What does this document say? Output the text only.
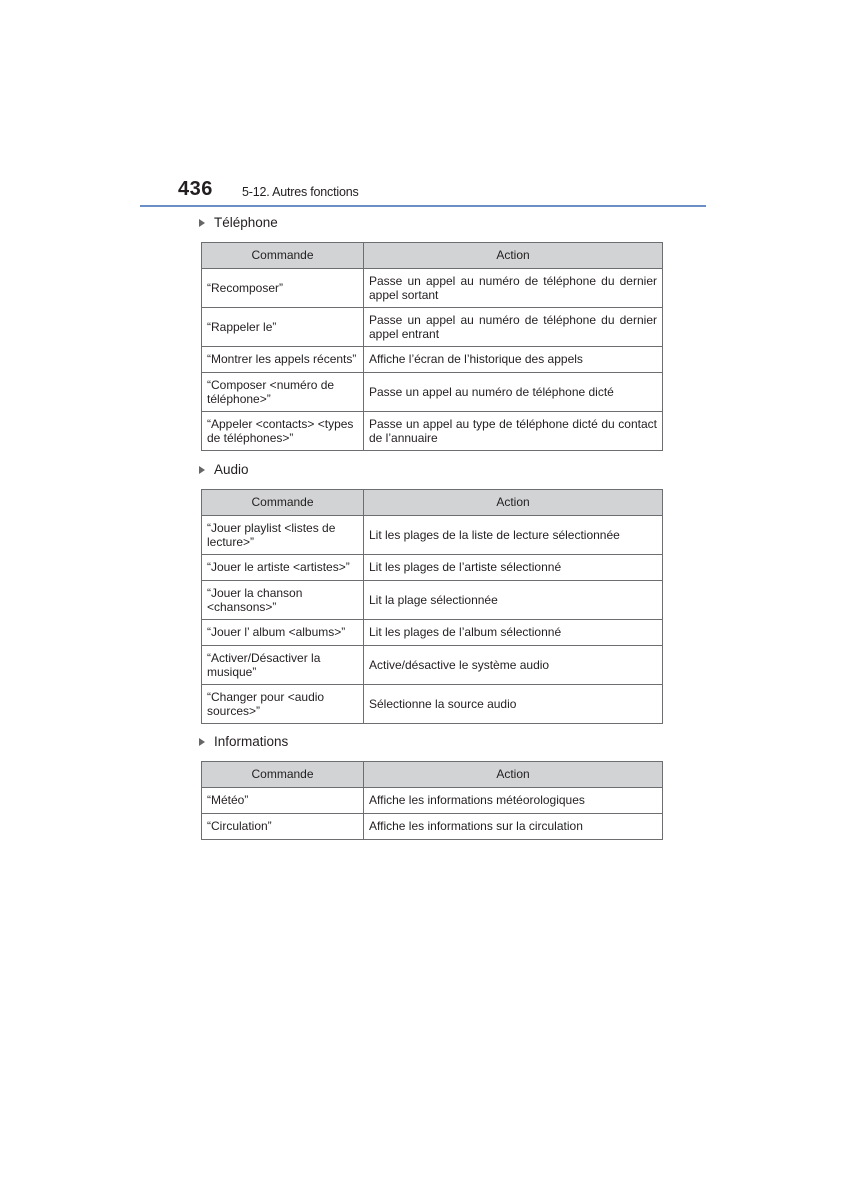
436 5-12. Autres fonctions
Téléphone
Commande	Action
“Recomposer”	Passe un appel au numéro de téléphone du dernier appel sortant
“Rappeler le”	Passe un appel au numéro de téléphone du dernier appel entrant
“Montrer les appels récents”	Affiche l’écran de l’historique des appels
“Composer <numéro de téléphone>”	Passe un appel au numéro de téléphone dicté
“Appeler <contacts> <types de téléphones>”	Passe un appel au type de téléphone dicté du contact de l’annuaire
Audio
Commande	Action
“Jouer playlist <listes de lecture>”	Lit les plages de la liste de lecture sélectionnée
“Jouer le artiste <artistes>”	Lit les plages de l’artiste sélectionné
“Jouer la chanson <chansons>”	Lit la plage sélectionnée
“Jouer l’ album <albums>”	Lit les plages de l’album sélectionné
“Activer/Désactiver la musique”	Active/désactive le système audio
“Changer pour <audio sources>”	Sélectionne la source audio
Informations
Commande	Action
“Météo”	Affiche les informations météorologiques
“Circulation”	Affiche les informations sur la circulation
